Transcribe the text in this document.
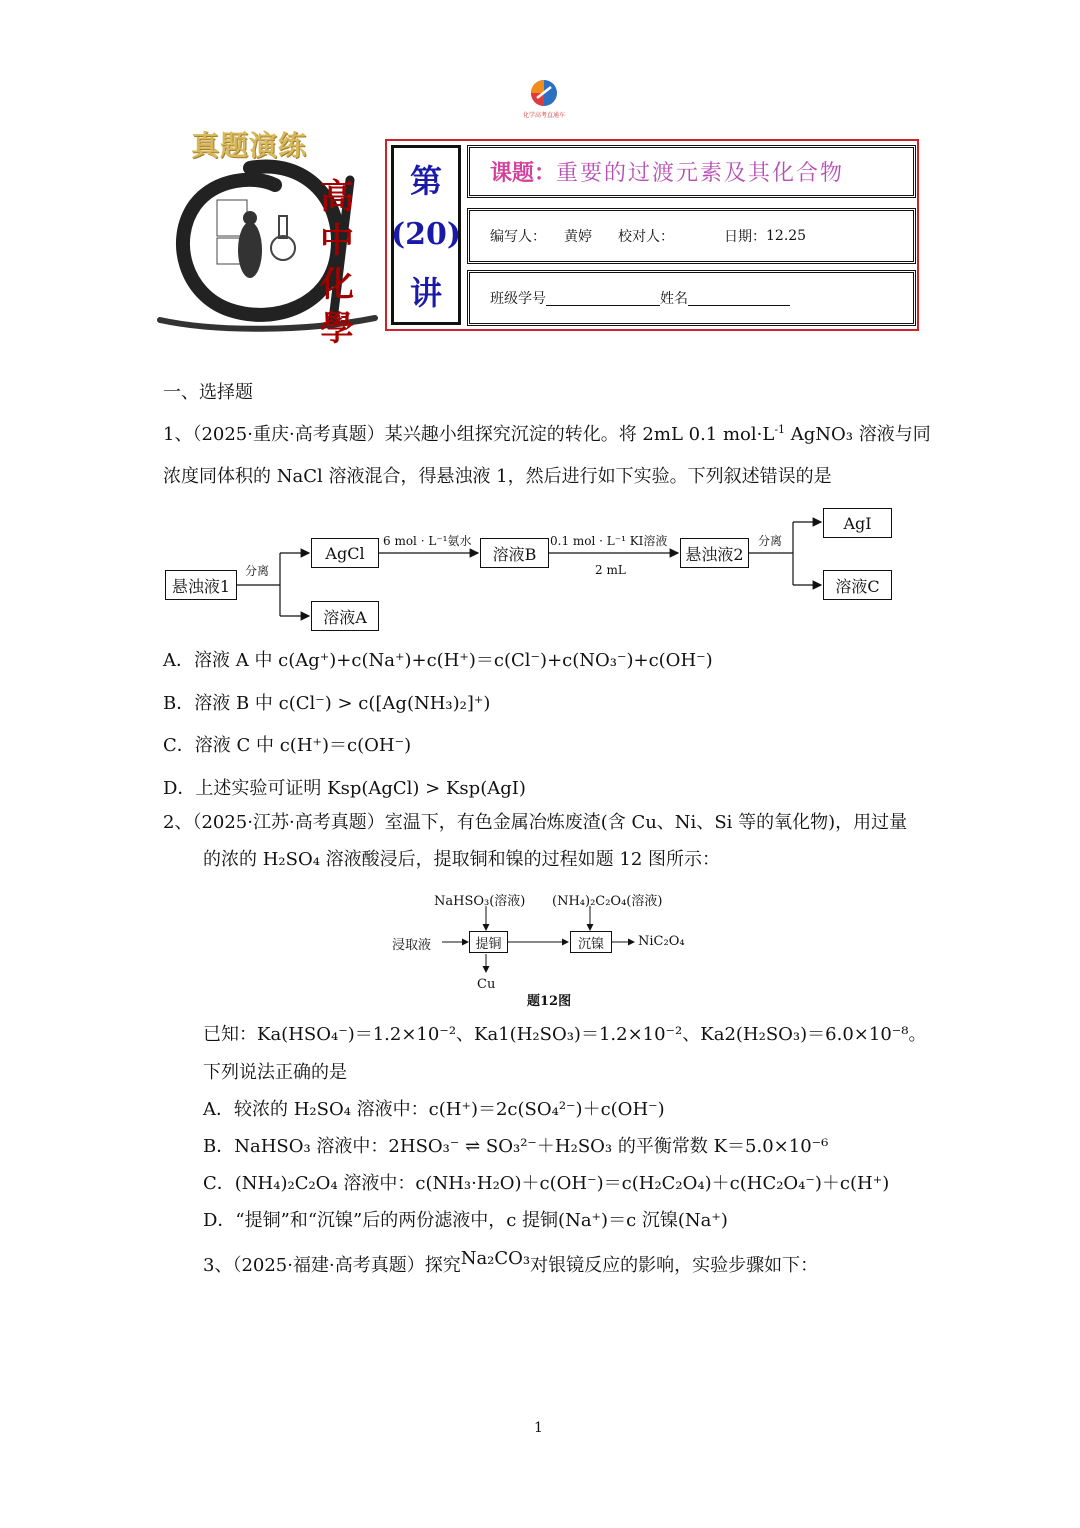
化学高考直通车
真题演练
高中化學
第
(20)
讲
课题： 重要的过渡元素及其化合物
编写人： 黄婷 校对人：	日期： 12.25
班级学号	姓名
一、选择题
1、（2025·重庆·高考真题）某兴趣小组探究沉淀的转化。将 2mL 0.1 $mol\cdot L^{-1}$ AgNO₃ 溶液与同
浓度同体积的 NaCl 溶液混合，得悬浊液 1，然后进行如下实验。下列叙述错误的是
悬浊液1
分离
AgCl
溶液A
6 mol · L⁻¹氨水
溶液B
0.1 mol · L⁻¹ KI溶液
2 mL
悬浊液2
分离
AgI
溶液C
A．溶液 A 中 c(Ag⁺)+c(Na⁺)+c(H⁺)＝c(Cl⁻)+c(NO₃⁻)+c(OH⁻)
B．溶液 B 中 c(Cl⁻) > c([Ag(NH₃)₂]⁺)
C．溶液 C 中 c(H⁺)＝c(OH⁻)
D．上述实验可证明 Ksp(AgCl) > Ksp(AgI)
2、（2025·江苏·高考真题）室温下，有色金属冶炼废渣(含 Cu、Ni、Si 等的氧化物)，用过量
的浓的 H₂SO₄ 溶液酸浸后，提取铜和镍的过程如题 12 图所示：
NaHSO₃(溶液) (NH₄)₂C₂O₄(溶液)
浸取液	提铜	沉镍	NiC₂O₄
Cu
题12图
已知：Ka(HSO₄⁻)＝1.2×10⁻²、Ka1(H₂SO₃)＝1.2×10⁻²、Ka2(H₂SO₃)＝6.0×10⁻⁸。
下列说法正确的是
A．较浓的 H₂SO₄ 溶液中：c(H⁺)＝2c(SO₄²⁻)＋c(OH⁻)
B．NaHSO₃ 溶液中：2HSO₃⁻ ⇌ SO₃²⁻＋H₂SO₃ 的平衡常数 K＝5.0×10⁻⁶
C．(NH₄)₂C₂O₄ 溶液中：c(NH₃·H₂O)＋c(OH⁻)＝c(H₂C₂O₄)＋c(HC₂O₄⁻)＋c(H⁺)
D．“提铜”和“沉镍”后的两份滤液中，c 提铜(Na⁺)＝c 沉镍(Na⁺)
3、（2025·福建·高考真题）探究Na₂CO₃对银镜反应的影响，实验步骤如下：
1
